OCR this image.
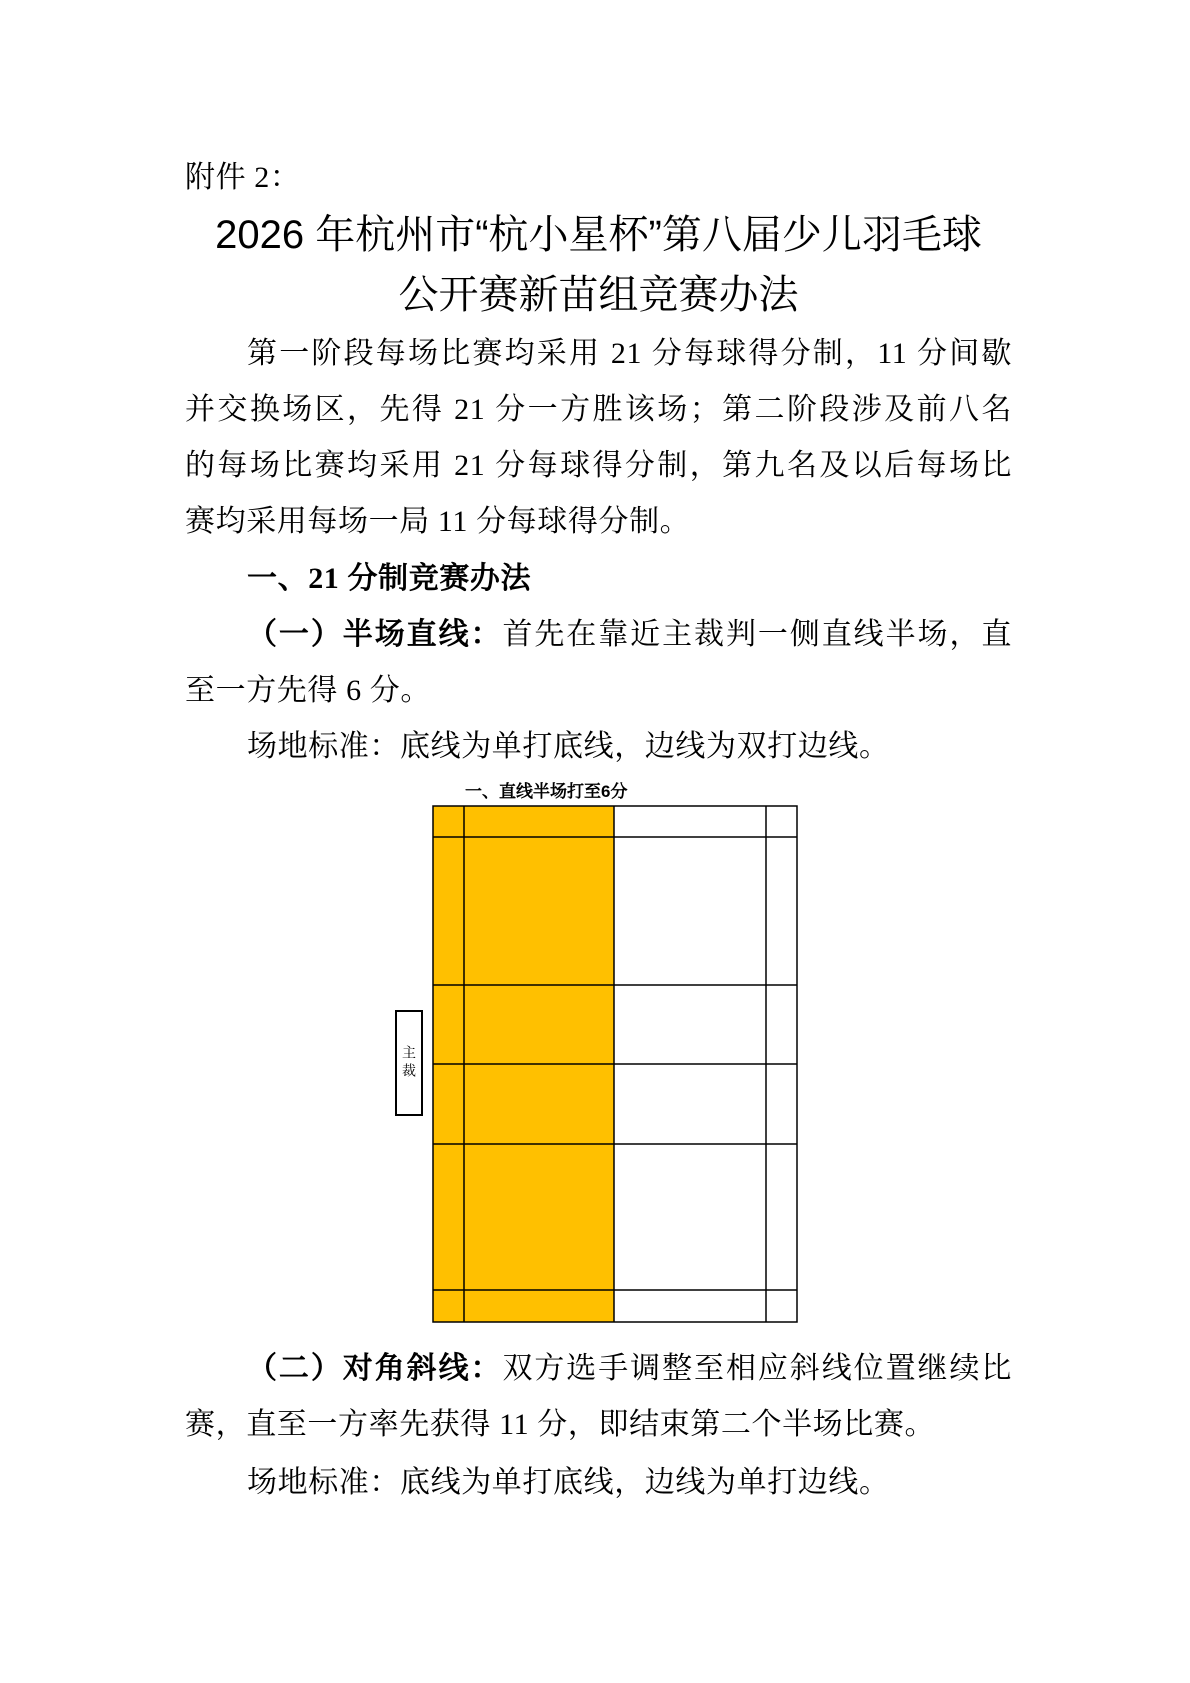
附件 2：
2026 年杭州市“杭小星杯”第八届少儿羽毛球
公开赛新苗组竞赛办法
第一阶段每场比赛均采用 21 分每球得分制，11 分间歇
并交换场区，先得 21 分一方胜该场；第二阶段涉及前八名
的每场比赛均采用 21 分每球得分制，第九名及以后每场比
赛均采用每场一局 11 分每球得分制。
一、21 分制竞赛办法
（一）半场直线：首先在靠近主裁判一侧直线半场，直
至一方先得 6 分。
场地标准：底线为单打底线，边线为双打边线。
一、直线半场打至6分
主裁
（二）对角斜线：双方选手调整至相应斜线位置继续比
赛，直至一方率先获得 11 分，即结束第二个半场比赛。
场地标准：底线为单打底线，边线为单打边线。
